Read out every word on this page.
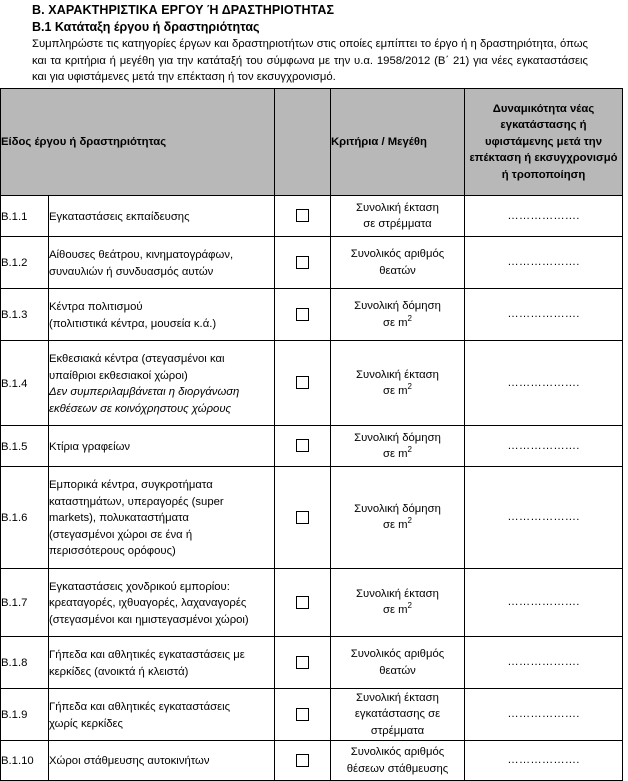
Β. ΧΑΡΑΚΤΗΡΙΣΤΙΚΑ ΕΡΓΟΥ Ή ΔΡΑΣΤΗΡΙΟΤΗΤΑΣ
Β.1 Κατάταξη έργου ή δραστηριότητας
Συμπληρώστε τις κατηγορίες έργων και δραστηριοτήτων στις οποίες εμπίπτει το έργο ή η δραστηριότητα, όπως και τα κριτήρια ή μεγέθη για την κατάταξή του σύμφωνα με την υ.α. 1958/2012 (Β΄ 21) για νέες εγκαταστάσεις και για υφιστάμενες μετά την επέκταση ή τον εκσυγχρονισμό.
Είδος έργου ή δραστηριότητας			Κριτήρια / Μεγέθη	Δυναμικότητα νέας εγκατάστασης ή υφιστάμενης μετά την επέκταση ή εκσυγχρονισμό ή τροποποίηση

Β.1.1	Εγκαταστάσεις εκπαίδευσης		Συνολική έκταση
σε στρέμματα	……………….

Β.1.2	Αίθουσες θεάτρου, κινηματογράφων,
συναυλιών ή συνδυασμός αυτών		Συνολικός αριθμός
θεατών	……………….

Β.1.3	Κέντρα πολιτισμού
(πολιτιστικά κέντρα, μουσεία κ.ά.)		Συνολική δόμηση
σε $m^2$	……………….

Β.1.4	Εκθεσιακά κέντρα (στεγασμένοι και
υπαίθριοι εκθεσιακοί χώροι)
Δεν συμπεριλαμβάνεται η διοργάνωση εκθέσεων σε κοινόχρηστους χώρους		Συνολική έκταση
σε $m^2$	……………….

Β.1.5	Κτίρια γραφείων		Συνολική δόμηση
σε $m^2$	……………….

Β.1.6	Εμπορικά κέντρα, συγκροτήματα
καταστημάτων, υπεραγορές (super
markets), πολυκαταστήματα
(στεγασμένοι χώροι σε ένα ή
περισσότερους ορόφους)		Συνολική δόμηση
σε $m^2$	……………….

Β.1.7	Εγκαταστάσεις χονδρικού εμπορίου:
κρεαταγορές, ιχθυαγορές, λαχαναγορές
(στεγασμένοι και ημιστεγασμένοι χώροι)		Συνολική έκταση
σε $m^2$	……………….

Β.1.8	Γήπεδα και αθλητικές εγκαταστάσεις με
κερκίδες (ανοικτά ή κλειστά)		Συνολικός αριθμός
θεατών	……………….

Β.1.9	Γήπεδα και αθλητικές εγκαταστάσεις
χωρίς κερκίδες		Συνολική έκταση
εγκατάστασης σε
στρέμματα	……………….

Β.1.10	Χώροι στάθμευσης αυτοκινήτων		Συνολικός αριθμός
θέσεων στάθμευσης	……………….
